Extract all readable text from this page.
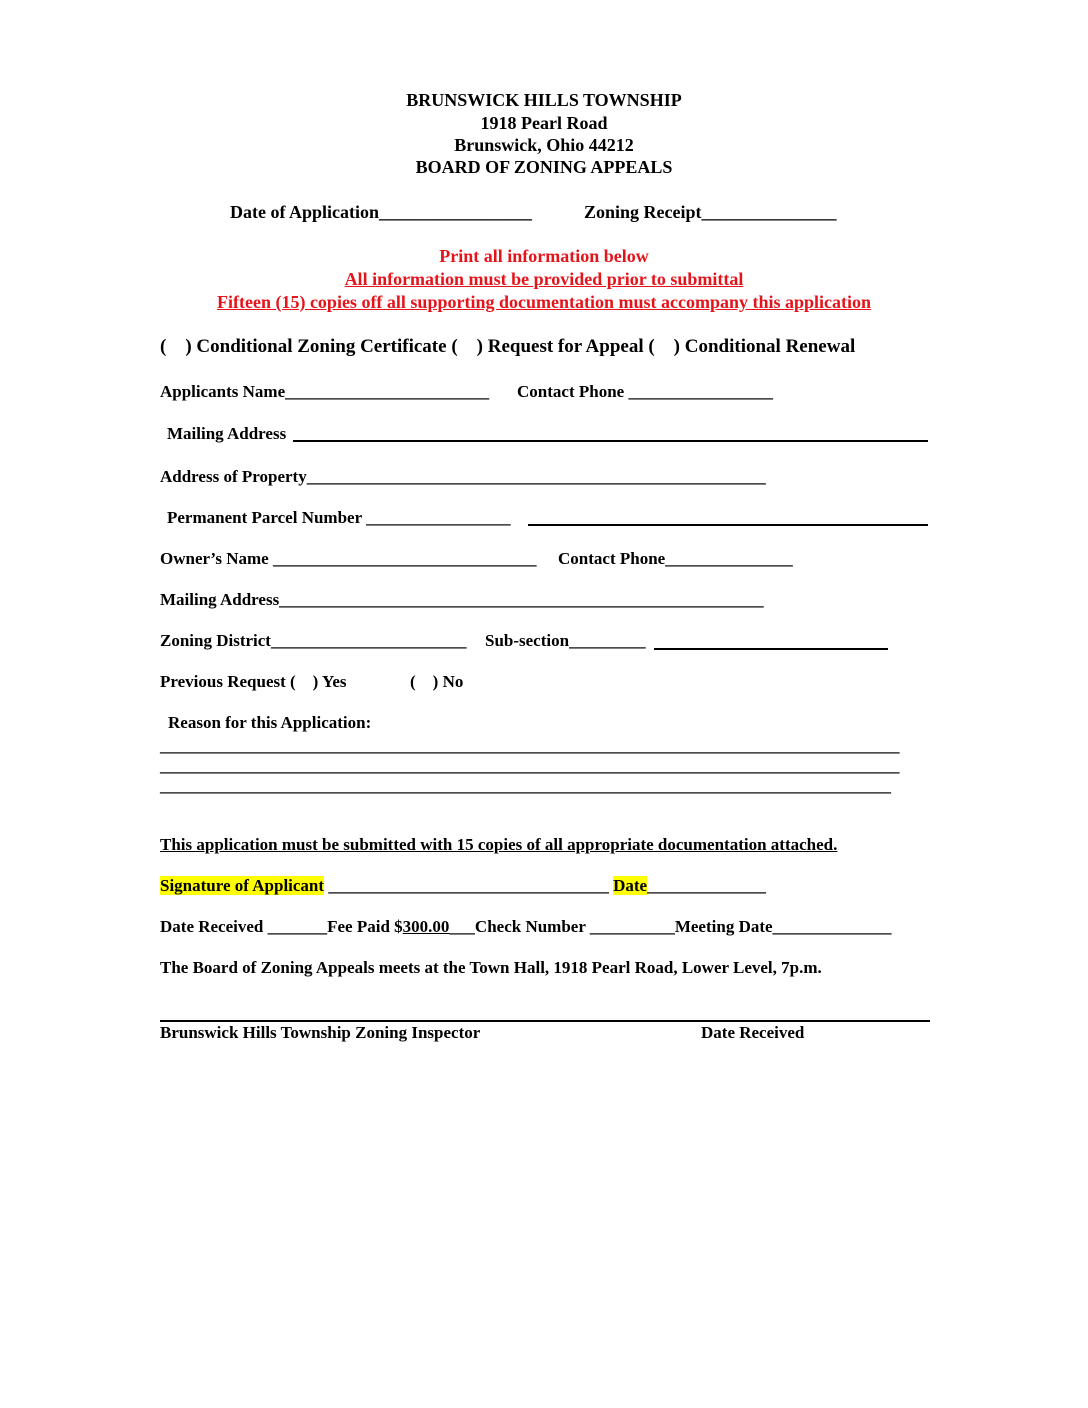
BRUNSWICK HILLS TOWNSHIP
1918 Pearl Road
Brunswick, Ohio 44212
BOARD OF ZONING APPEALS
Date of Application_________________	Zoning Receipt_______________
Print all information below
All information must be provided prior to submittal
Fifteen (15) copies off all supporting documentation must accompany this application
(    ) Conditional Zoning Certificate (    ) Request for Appeal (    ) Conditional Renewal
Applicants Name________________________ Contact Phone _________________
Mailing Address
Address of Property______________________________________________________
Permanent Parcel Number _________________
Owner’s Name _______________________________ Contact Phone_______________
Mailing Address_________________________________________________________
Zoning District_______________________ Sub-section_________
Previous Request (    ) Yes	(    ) No
Reason for this Application:
_______________________________________________________________________________________
_______________________________________________________________________________________
______________________________________________________________________________________
This application must be submitted with 15 copies of all appropriate documentation attached.
Signature of Applicant _________________________________ Date______________
Date Received _______Fee Paid $300.00___Check Number __________Meeting Date______________
The Board of Zoning Appeals meets at the Town Hall, 1918 Pearl Road, Lower Level, 7p.m.
Brunswick Hills Township Zoning Inspector	Date Received
